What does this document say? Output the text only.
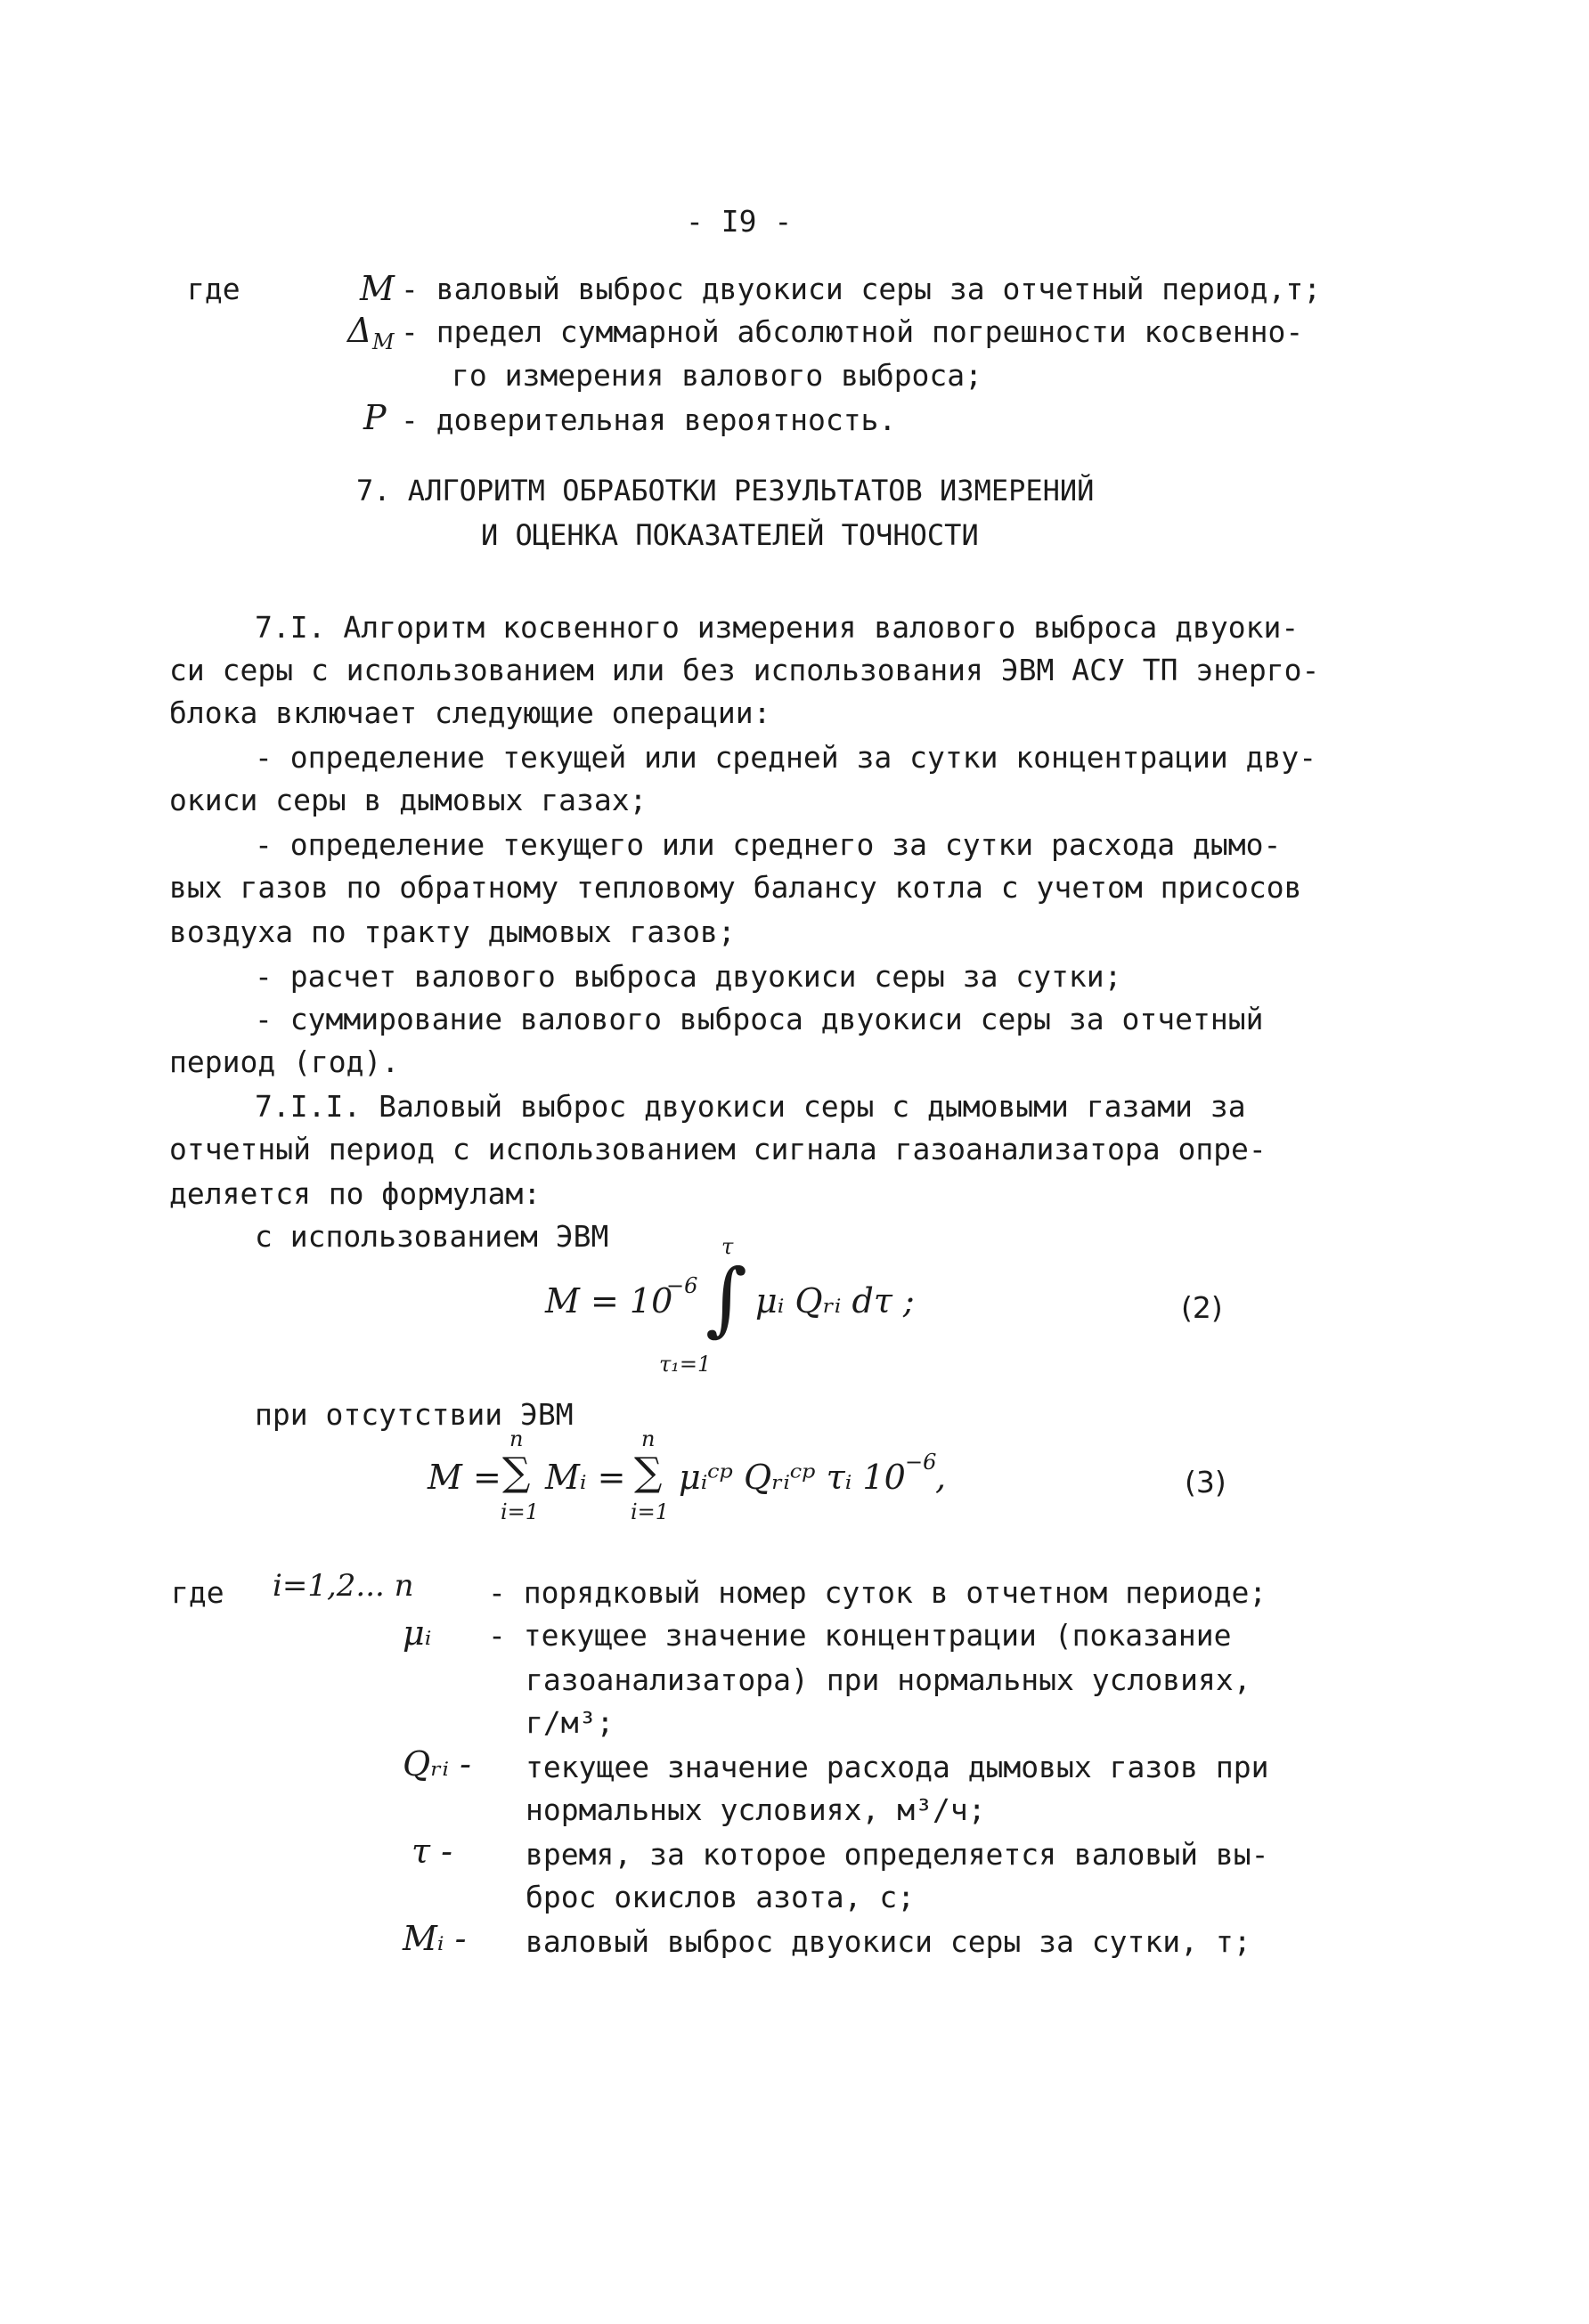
- I9 -
где	M - валовый выброс двуокиси серы за отчетный период,т;
Δ M - предел суммарной абсолютной погрешности косвенно-
го измерения валового выброса;
P - доверительная вероятность.
7. АЛГОРИТМ ОБРАБОТКИ РЕЗУЛЬТАТОВ ИЗМЕРЕНИЙ
И ОЦЕНКА ПОКАЗАТЕЛЕЙ ТОЧНОСТИ
7.I. Алгоритм косвенного измерения валового выброса двуоки-
си серы с использованием или без использования ЭВМ АСУ ТП энерго-
блока включает следующие операции:
- определение текущей или средней за сутки концентрации дву-
окиси серы в дымовых газах;
- определение текущего или среднего за сутки расхода дымо-
вых газов по обратному тепловому балансу котла с учетом присосов
воздуха по тракту дымовых газов;
- расчет валового выброса двуокиси серы за сутки;
- суммирование валового выброса двуокиси серы за отчетный
период (год).
7.I.I. Валовый выброс двуокиси серы с дымовыми газами за
отчетный период с использованием сигнала газоанализатора опре-
деляется по формулам:
с использованием ЭВМ
M = 10
−6 ∫
τ
τ₁=1
μᵢ Qᵣᵢ dτ ;	(2)
при отсутствии ЭВМ
M =
n
∑
i=1
Mᵢ =
n
∑
i=1
μᵢᶜᵖ Qᵣᵢᶜᵖ τᵢ 10 −6
,	(3)
где i=1,2... n	- порядковый номер суток в отчетном периоде;
μᵢ - текущее значение концентрации (показание
газоанализатора) при нормальных условиях,
г/м³;
Qᵣᵢ - текущее значение расхода дымовых газов при
нормальных условиях, м³/ч;
τ - время, за которое определяется валовый вы-
брос окислов азота, с;
Mᵢ - валовый выброс двуокиси серы за сутки, т;
